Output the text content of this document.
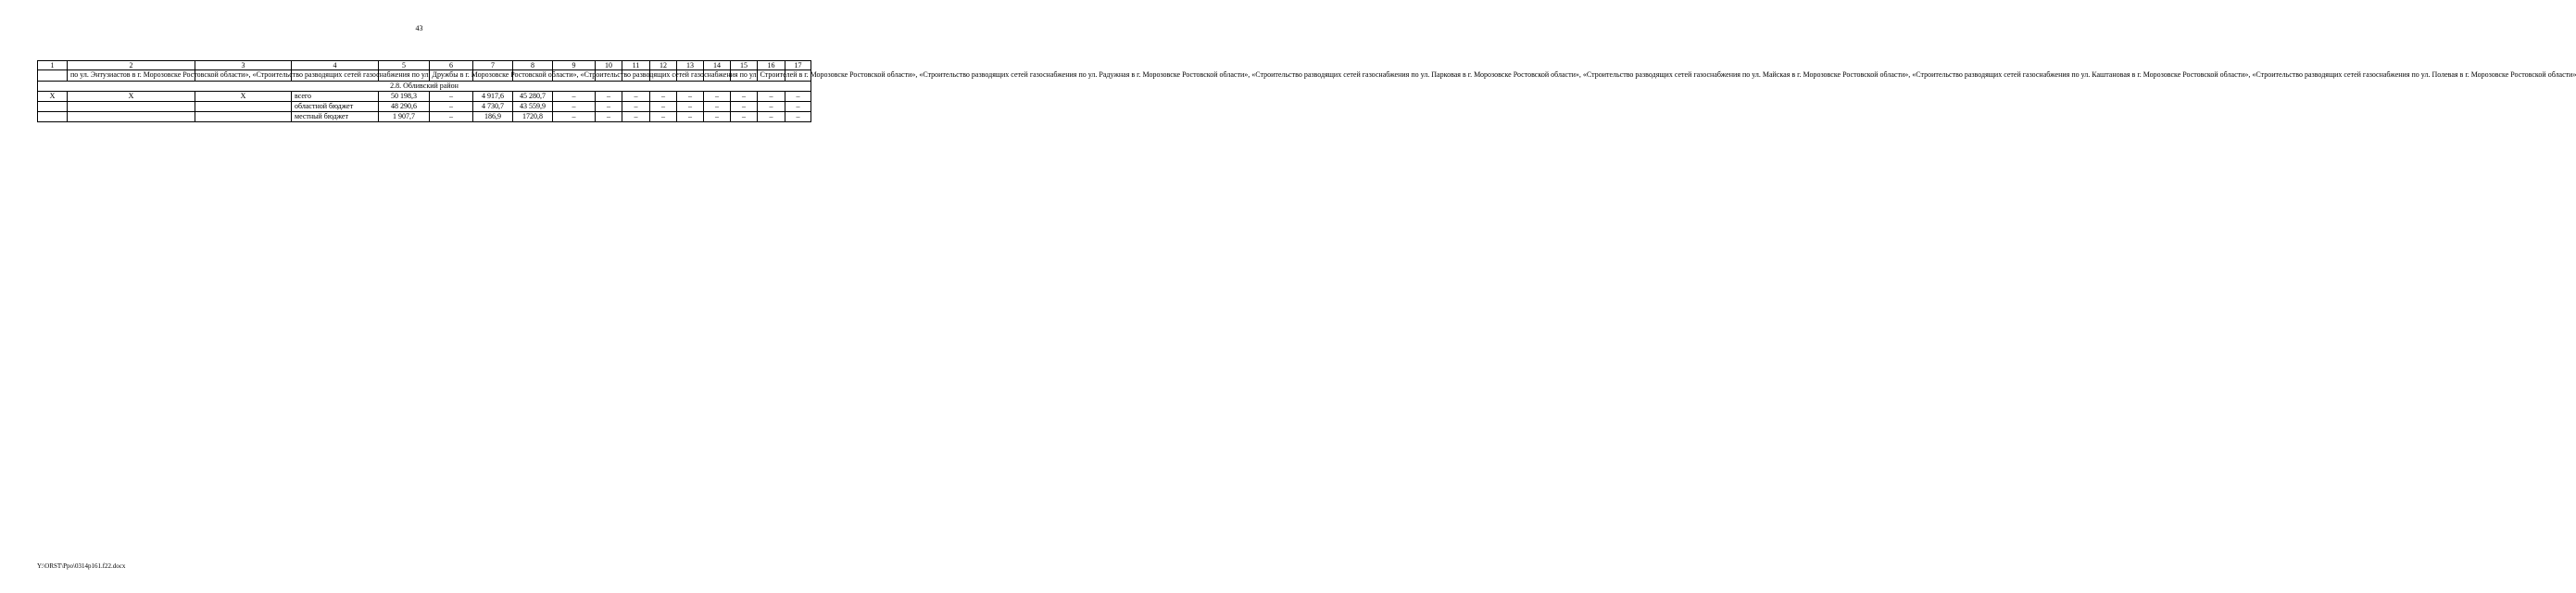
43
1	2	3	4	5	6	7	8	9	10	11	12	13	14	15	16	17
	по ул. Энтузиастов в г. Морозовске Ростовской области», «Строительство разводящих сетей газоснабжения по ул. Дружбы в г. Морозовске Ростовской области», «Строительство разводящих сетей газоснабжения по ул. Строителей в г. Морозовске Ростовской области», «Строительство разводящих сетей газоснабжения по ул. Радужная в г. Морозовске Ростовской области», «Строительство разводящих сетей газоснабжения по ул. Парковая в г. Морозовске Ростовской области», «Строительство разводящих сетей газоснабжения по ул. Майская в г. Морозовске Ростовской области», «Строительство разводящих сетей газоснабжения по ул. Каштановая в г. Морозовске Ростовской области», «Строительство разводящих сетей газоснабжения по ул. Полевая в г. Морозовске Ростовской области»															
2.8. Обливский район																
Х	Х	Х	всего	50 198,3	–	4 917,6	45 280,7	–	–	–	–	–	–	–	–	–
			областной бюджет	48 290,6	–	4 730,7	43 559,9	–	–	–	–	–	–	–	–	–
			местный бюджет	1 907,7	–	186,9	1720,8	–	–	–	–	–	–	–	–	–
Y:\ORST\Ppo\0314p161.f22.docx
